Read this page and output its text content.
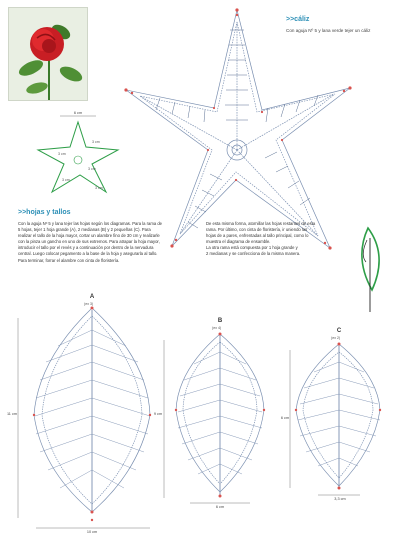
>>cáliz
Con aguja Nº 5 y lana verde tejer un cáliz
6 cm
3 cm
3 cm
3 cm
3 cm
3 cm
>>hojas y tallos
Con la aguja Nº 5 y lana tejer las hojas según los diagramas. Para la rama de
5 hojas, tejer 1 hoja grande (A), 2 medianas (B) y 2 pequeñas (C). Para
realizar el tallo de la hoja mayor, cortar un alambre fino de 30 cm y realizarle
con la pinza un gancho en uno de sus extremos. Para atrapar la hoja mayor,
introducir el tallo por el revés y a continuación por dentro de la nervadura
central. Luego colocar pegamento a la base de la hoja y asegurarla al tallo.
Para terminar, forrar el alambre con cinta de floristería.
De esta misma forma, atornillar las hojas restantes de esta
rama. Por último, con cinta de floristería, ir uniendo las
hojas de a pares, enfrentadas al tallo principal, como lo
muestra el diagrama de ensamble.
La otra rama está compuesta por 1 hoja grande y
2 medianas y se confecciona de la misma manera.
A
(ex 3)
11 cm
10 cm
B
(ex 4)
9 cm
6 cm
C
(ex 2)
6 cm
3,3 cm
